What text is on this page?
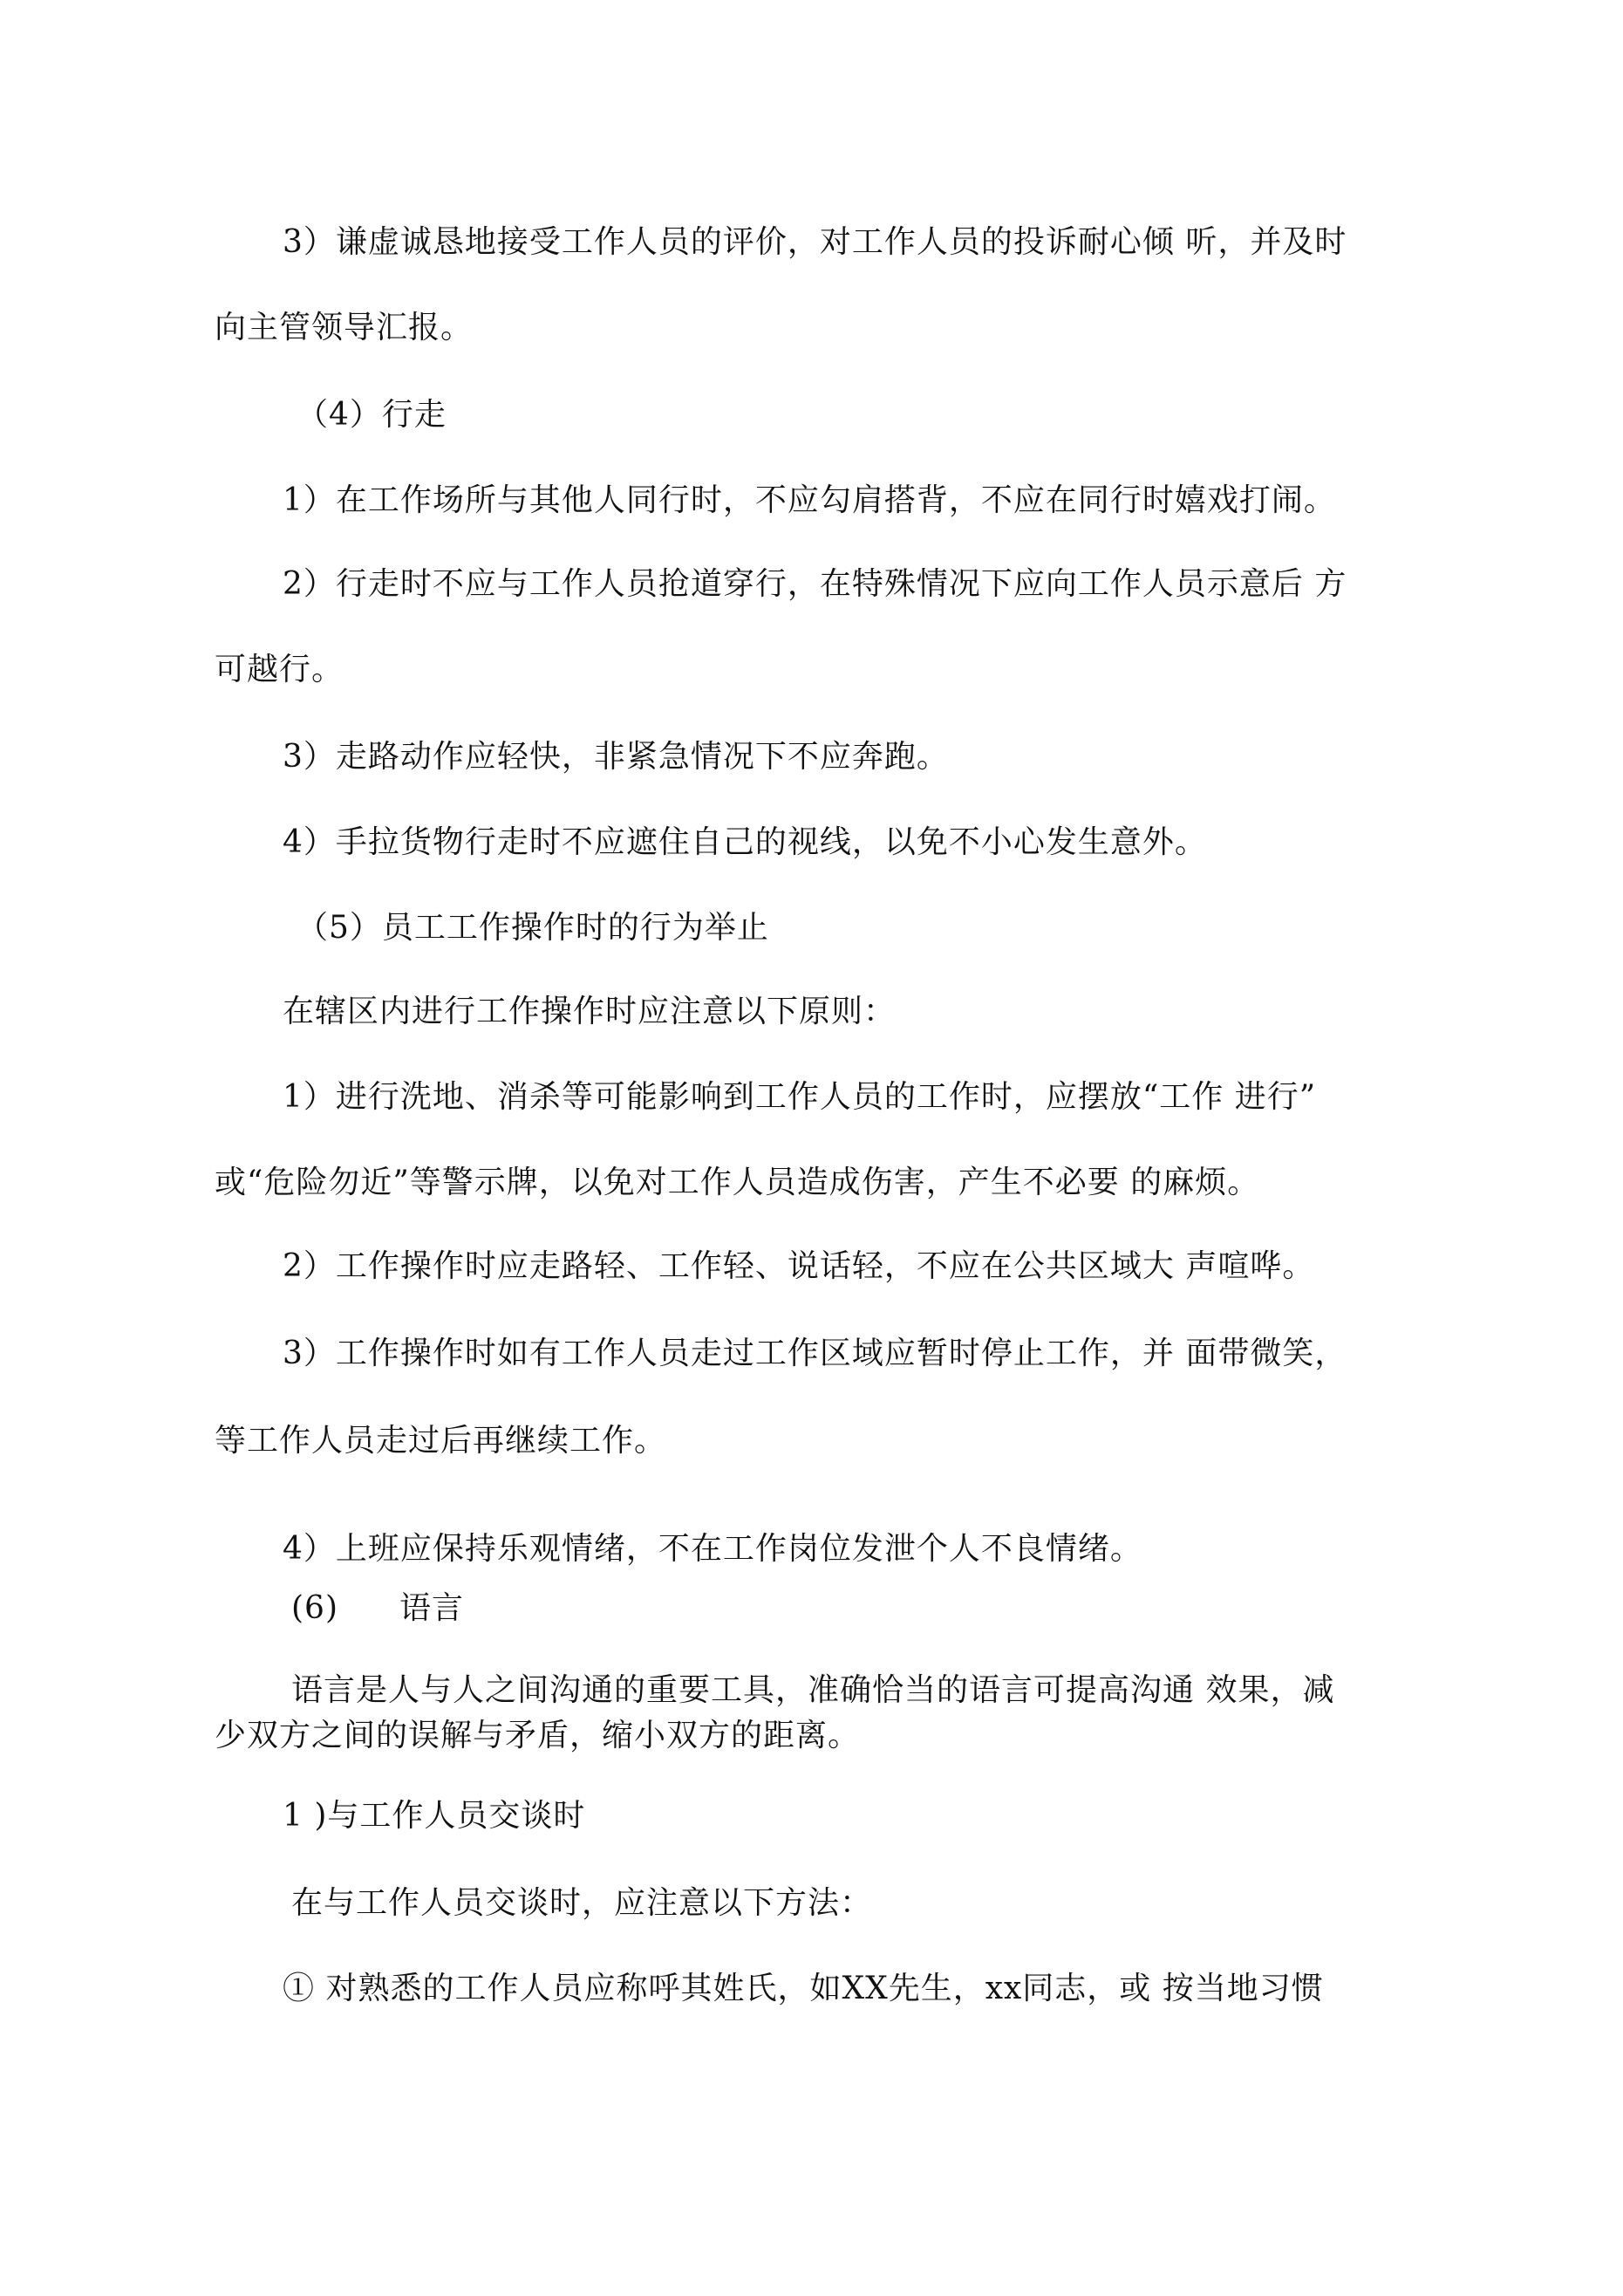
3）谦虚诚恳地接受工作人员的评价，对工作人员的投诉耐心倾 听，并及时
向主管领导汇报。
（4）行走
1）在工作场所与其他人同行时，不应勾肩搭背，不应在同行时嬉戏打闹。
2）行走时不应与工作人员抢道穿行，在特殊情况下应向工作人员示意后 方
可越行。
3）走路动作应轻快，非紧急情况下不应奔跑。
4）手拉货物行走时不应遮住自己的视线，以免不小心发生意外。
（5）员工工作操作时的行为举止
在辖区内进行工作操作时应注意以下原则：
1）进行洗地、消杀等可能影响到工作人员的工作时，应摆放“工作 进行”
或“危险勿近”等警示牌，以免对工作人员造成伤害，产生不必要 的麻烦。
2）工作操作时应走路轻、工作轻、说话轻，不应在公共区域大 声喧哗。
3）工作操作时如有工作人员走过工作区域应暂时停止工作，并 面带微笑，
等工作人员走过后再继续工作。
4）上班应保持乐观情绪，不在工作岗位发泄个人不良情绪。
(6) 语言
语言是人与人之间沟通的重要工具，准确恰当的语言可提高沟通 效果，减
少双方之间的误解与矛盾，缩小双方的距离。
1 )与工作人员交谈时
在与工作人员交谈时，应注意以下方法：
① 对熟悉的工作人员应称呼其姓氏，如XX先生，xx同志，或 按当地习惯
